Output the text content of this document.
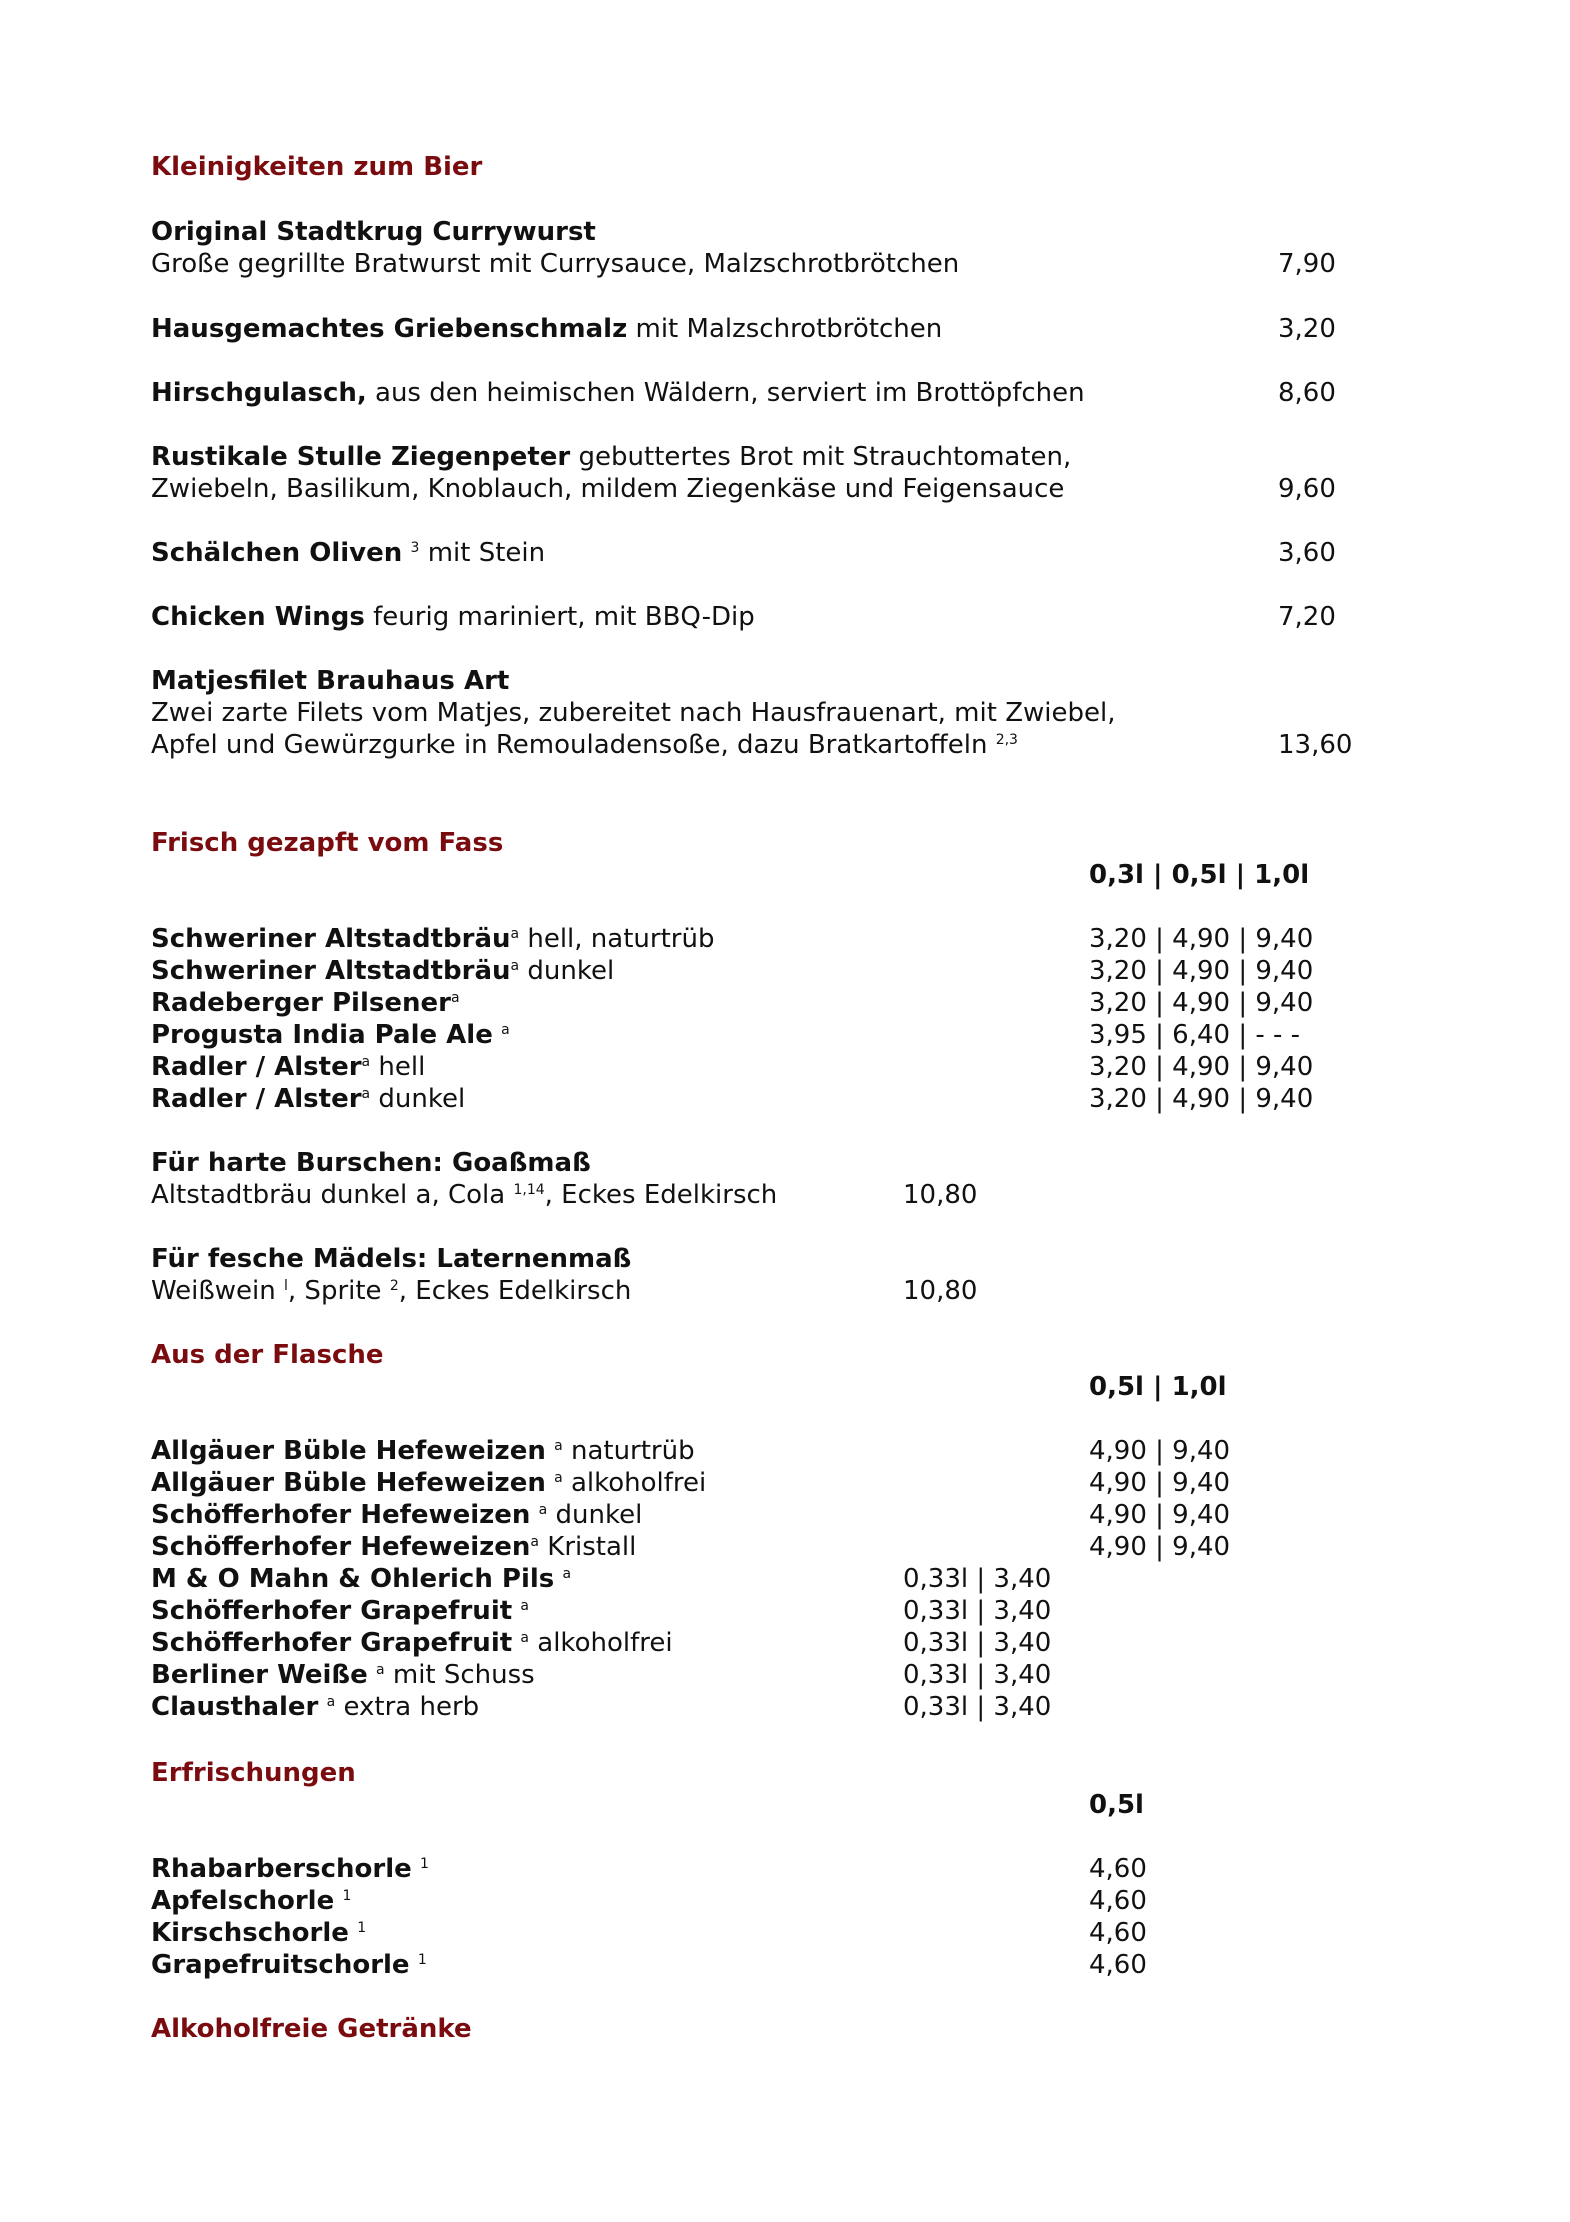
Kleinigkeiten zum Bier
Original Stadtkrug Currywurst
Große gegrillte Bratwurst mit Currysauce, Malzschrotbrötchen	7,90
Hausgemachtes Griebenschmalz mit Malzschrotbrötchen	3,20
Hirschgulasch, aus den heimischen Wäldern, serviert im Brottöpfchen	8,60
Rustikale Stulle Ziegenpeter gebuttertes Brot mit Strauchtomaten,
Zwiebeln, Basilikum, Knoblauch, mildem Ziegenkäse und Feigensauce	9,60
Schälchen Oliven $^3$ mit Stein	3,60
Chicken Wings feurig mariniert, mit BBQ-Dip	7,20
Matjesfilet Brauhaus Art
Zwei zarte Filets vom Matjes, zubereitet nach Hausfrauenart, mit Zwiebel,
Apfel und Gewürzgurke in Remouladensoße, dazu Bratkartoffeln $^{2,3}$	13,60
Frisch gezapft vom Fass
0,3l | 0,5l | 1,0l
Schweriner Altstadtbräu$^a$ hell, naturtrüb	3,20 | 4,90 | 9,40
Schweriner Altstadtbräu$^a$ dunkel	3,20 | 4,90 | 9,40
Radeberger Pilsener$^a$	3,20 | 4,90 | 9,40
Progusta India Pale Ale $^a$	3,95 | 6,40 | - - -
Radler / Alster$^a$ hell	3,20 | 4,90 | 9,40
Radler / Alster$^a$ dunkel	3,20 | 4,90 | 9,40
Für harte Burschen: Goaßmaß
Altstadtbräu dunkel a, Cola $^{1,14}$, Eckes Edelkirsch	10,80
Für fesche Mädels: Laternenmaß
Weißwein $^l$, Sprite $^2$, Eckes Edelkirsch	10,80
Aus der Flasche
0,5l | 1,0l
Allgäuer Büble Hefeweizen $^a$ naturtrüb	4,90 | 9,40
Allgäuer Büble Hefeweizen $^a$ alkoholfrei	4,90 | 9,40
Schöfferhofer Hefeweizen $^a$ dunkel	4,90 | 9,40
Schöfferhofer Hefeweizen$^a$ Kristall	4,90 | 9,40
M & O Mahn & Ohlerich Pils $^a$	0,33l | 3,40
Schöfferhofer Grapefruit $^a$	0,33l | 3,40
Schöfferhofer Grapefruit $^a$ alkoholfrei	0,33l | 3,40
Berliner Weiße $^a$ mit Schuss	0,33l | 3,40
Clausthaler $^a$ extra herb	0,33l | 3,40
Erfrischungen
0,5l
Rhabarberschorle $^1$	4,60
Apfelschorle $^1$	4,60
Kirschschorle $^1$	4,60
Grapefruitschorle $^1$	4,60
Alkoholfreie Getränke
